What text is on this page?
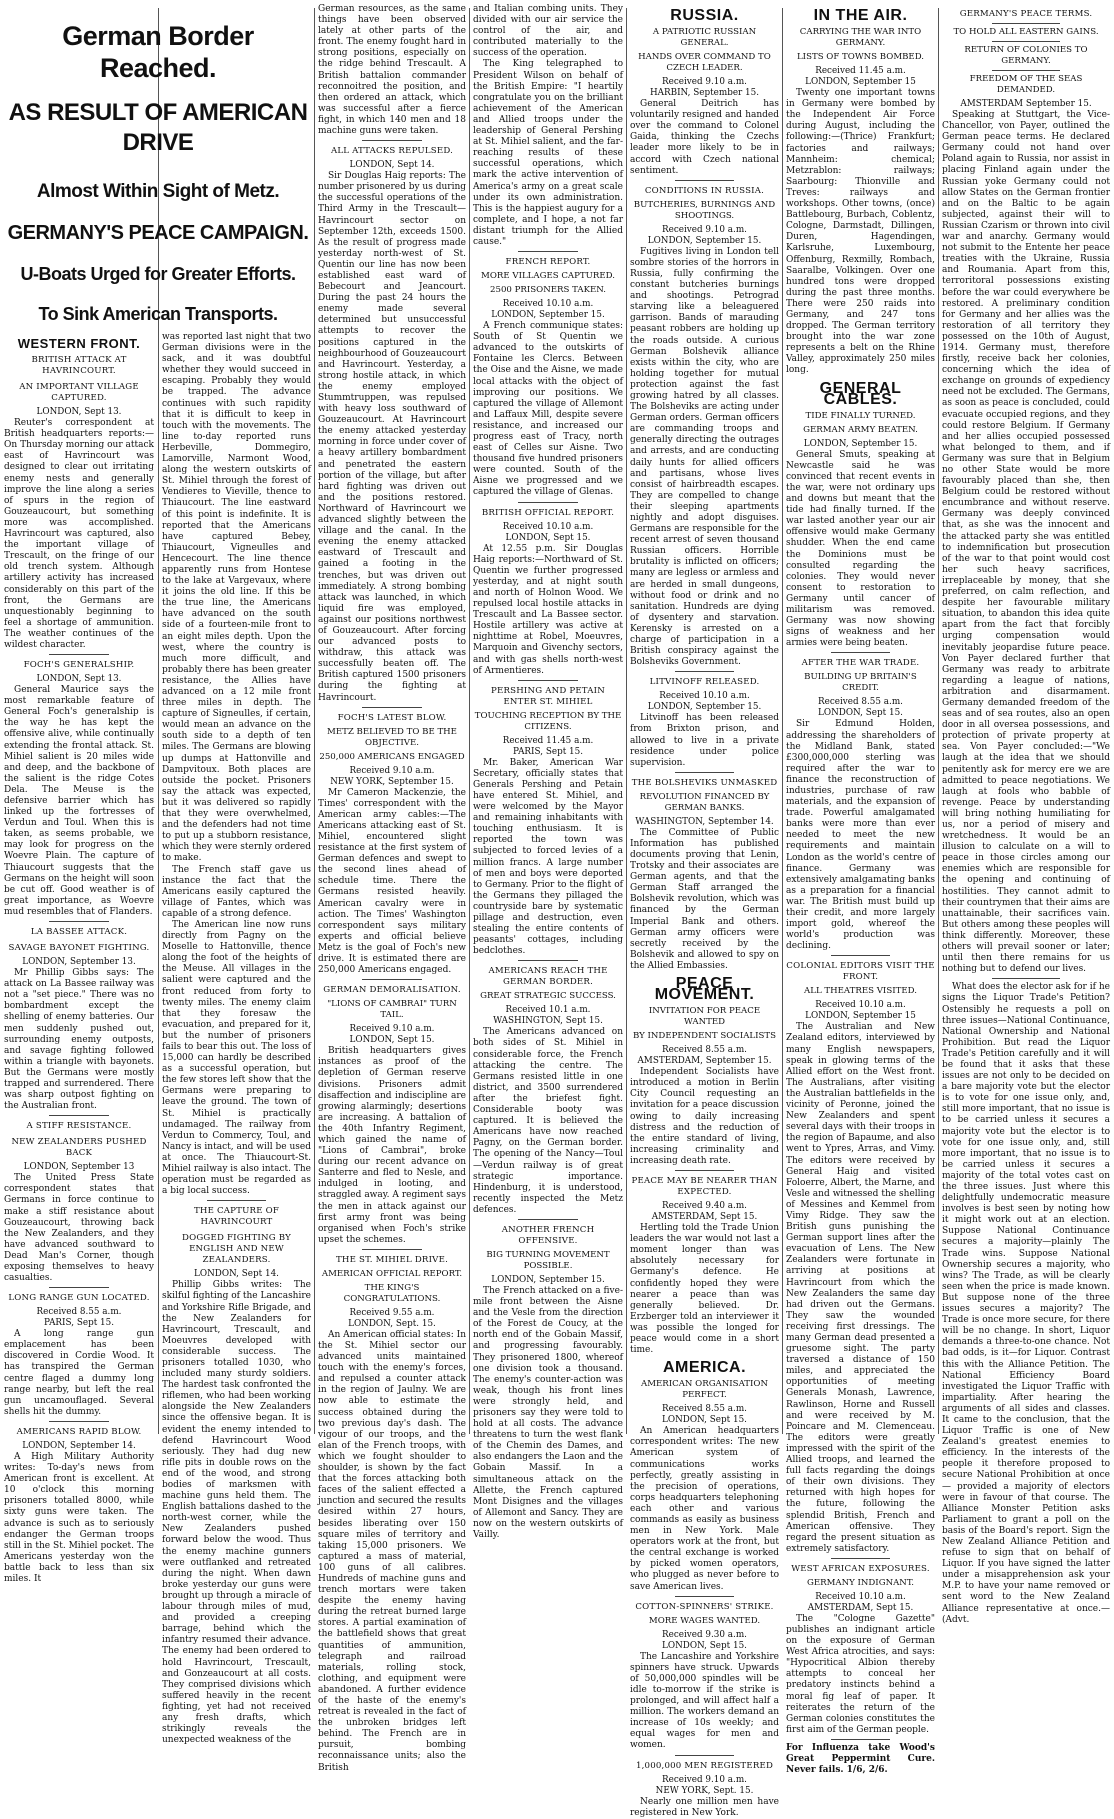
German Border Reached.
AS RESULT OF AMERICAN DRIVE
Almost Within Sight of Metz.
GERMANY'S PEACE CAMPAIGN.
U-Boats Urged for Greater Efforts.
To Sink American Transports.
WESTERN FRONT.
BRITISH ATTACK AT HAVRINCOURT.
AN IMPORTANT VILLAGE CAPTURED.
LONDON, Sept 13.

Reuter's correspondent at British headquarters reports:—On Thursday morning our attack east of Havrincourt was designed to clear out irritating enemy nests and generally improve the line along a series of spurs in the region of Gouzeaucourt, but something more was accomplished. Havrincourt was captured, also the important village of Trescault, on the fringe of our old trench system. Although artillery activity has increased considerably on this part of the front, the Germans are unquestionably beginning to feel a shortage of ammunition. The weather continues of the wildest character.

FOCH'S GENERALSHIP.
LONDON, Sept 13.

General Maurice says the most remarkable feature of General Foch's generalship is the way he has kept the offensive alive, while continually extending the frontal attack. St. Mihiel salient is 20 miles wide and deep, and the backbone of the salient is the ridge Cotes Dela. The Meuse is the defensive barrier which has linked up the fortresses of Verdun and Toul. When this is taken, as seems probable, we may look for progress on the Woevre Plain. The capture of Thiaucourt suggests that the Germans on the height will soon be cut off. Good weather is of great importance, as Woevre mud resembles that of Flanders.

LA BASSEE ATTACK.
SAVAGE BAYONET FIGHTING.
LONDON, September 13.

Mr Phillip Gibbs says: The attack on La Bassee railway was not a "set piece." There was no bombardment except the shelling of enemy batteries. Our men suddenly pushed out, surrounding enemy outposts, and savage fighting followed within a triangle with bayonets. But the Germans were mostly trapped and surrendered. There was sharp outpost fighting on the Australian front.

A STIFF RESISTANCE.
NEW ZEALANDERS PUSHED BACK
LONDON, September 13

The United Press State correspondent states that Germans in force continue to make a stiff resistance about Gouzeaucourt, throwing back the New Zealanders, and they have advanced southward to Dead Man's Corner, though exposing themselves to heavy casualties.

LONG RANGE GUN LOCATED.
Received 8.55 a.m.
PARIS, Sept 15.

A long range gun emplacement has been discovered in Cordie Wood. It has transpired the German centre flaged a dummy long range nearby, but left the real gun uncamouflaged. Several shells hit the dummy.

AMERICANS RAPID BLOW.
LONDON, September 14.

A High Military Authority writes: To-day's news from American front is excellent. At 10 o'clock this morning prisoners totalled 8000, while sixty guns were taken. The advance is such as to seriously endanger the German troops still in the St. Mihiel pocket. The Americans yesterday won the battle back to less than six miles. It

was reported last night that two German divisions were in the sack, and it was doubtful whether they would succeed in escaping. Probably they would be trapped. The advance continues with such rapidity that it is difficult to keep in touch with the movements. The line to-day reported runs Herbeville, Dommegiro, Lamorville, Narmont Wood, along the western outskirts of St. Mihiel through the forest of Vendieres to Vieville, thence to Thiaucourt. The line eastward of this point is indefinite. It is reported that the Americans have captured Bebey, Thiaucourt, Vigneulles and Hencecourt. The line thence apparently runs from Hontese to the lake at Vargevaux, where it joins the old line. If this be the true line, the Americans have advanced on the south side of a fourteen-mile front to an eight miles depth. Upon the west, where the country is much more difficult, and probably there has been greater resistance, the Allies have advanced on a 12 mile front three miles in depth. The capture of Signeulles, if certain, would mean an advance on the south side to a depth of ten miles. The Germans are blowing up dumps at Hattonville and Dampvitoux. Both places are outside the pocket. Prisoners say the attack was expected, but it was delivered so rapidly that they were overwhelmed, and the defenders had not time to put up a stubborn resistance, which they were sternly ordered to make.

The French staff gave us instance the fact that the Americans easily captured the village of Fantes, which was capable of a strong defence.

The American line now runs directly from Pagny on the Moselle to Hattonville, thence along the foot of the heights of the Meuse. All villages in the salient were captured and the front reduced from forty to twenty miles. The enemy claim that they foresaw the evacuation, and prepared for it, but the number of prisoners fails to bear this out. The loss of 15,000 can hardly be described as a successful operation, but the few stores left show that the Germans were preparing to leave the ground. The town of St. Mihiel is practically undamaged. The railway from Verdun to Commercy, Toul, and Nancy is intact, and will be used at once. The Thiaucourt-St. Mihiel railway is also intact. The operation must be regarded as a big local success.

THE CAPTURE OF HAVRINCOURT
DOGGED FIGHTING BY ENGLISH AND NEW ZEALANDERS.
LONDON, Sept 14.

Phillip Gibbs writes: The skilful fighting of the Lancashire and Yorkshire Rifle Brigade, and the New Zealanders for Havrincourt, Trescault, and Moeuvres developed with considerable success. The prisoners totalled 1030, who included many sturdy soldiers. The hardest task confronted the riflemen, who had been working alongside the New Zealanders since the offensive began. It is evident the enemy intended to defend Havrincourt Wood seriously. They had dug new rifle pits in double rows on the end of the wood, and strong bodies of marksmen with machine guns held them. The English battalions dashed to the north-west corner, while the New Zealanders pushed forward below the wood. Thus the enemy machine gunners were outflanked and retreated during the night. When dawn broke yesterday our guns were brought up through a miracle of labour through miles of mud, and provided a creeping barrage, behind which the infantry resumed their advance. The enemy had been ordered to hold Havrincourt, Trescault, and Gonzeaucourt at all costs. They comprised divisions which suffered heavily in the recent fighting, yet had not received any fresh drafts, which strikingly reveals the unexpected weakness of the

German resources, as the same things have been observed lately at other parts of the front. The enemy fought hard in strong positions, especially on the ridge behind Trescault. A British battalion commander reconnoitred the position, and then ordered an attack, which was successful after a fierce fight, in which 140 men and 18 machine guns were taken.

ALL ATTACKS REPULSED.
LONDON, Sept 14.

Sir Douglas Haig reports: The number prisonered by us during the successful operations of the Third Army in the Trescault—Havrincourt sector on September 12th, exceeds 1500. As the result of progress made yesterday north-west of St. Quentin our line has now been established east ward of Bebecourt and Jeancourt. During the past 24 hours the enemy made several determined but unsuccessful attempts to recover the positions captured in the neighbourhood of Gouzeaucourt and Havrincourt. Yesterday, a strong hostile attack, in which the enemy employed Stummtruppen, was repulsed with heavy loss southward of Gouzeaucourt. At Havrincourt the enemy attacked yesterday morning in force under cover of a heavy artillery bombardment and penetrated the eastern portion of the village, but after hard fighting was driven out and the positions restored. Northward of Havrincourt we advanced slightly between the village and the canal. In the evening the enemy attacked eastward of Trescault and gained a footing in the trenches, but was driven out immediately. A strong bombing attack was launched, in which liquid fire was employed, against our positions northwest of Gouzeaucourt. After forcing our advanced posts to withdraw, this attack was successfully beaten off. The British captured 1500 prisoners during the fighting at Havrincourt.

FOCH'S LATEST BLOW.
METZ BELIEVED TO BE THE OBJECTIVE.
250,000 AMERICANS ENGAGED
Received 9.10 a.m.
NEW YORK, September 15.

Mr Cameron Mackenzie, the Times' correspondent with the American army cables:—The Americans attacking east of St. Mihiel, encountered slight resistance at the first system of German defences and swept to the second lines ahead of schedule time. There the Germans resisted heavily. American cavalry were in action. The Times' Washington correspondent says military experts and official believe Metz is the goal of Foch's new drive. It is estimated there are 250,000 Americans engaged.

GERMAN DEMORALISATION.
"LIONS OF CAMBRAI" TURN TAIL.
Received 9.10 a.m.
LONDON, Sept 15.

British headquarters gives instances as proof of the depletion of German reserve divisions. Prisoners admit disaffection and indiscipline are growing alarmingly; desertions are increasing. A battalion of the 40th Infantry Regiment, which gained the name of "Lions of Cambrai", broke during our recent advance on Santerre and fled to Nesle, and indulged in looting, and straggled away. A regiment says the men in attack against our first army front was being organised when Foch's strike upset the schemes.

THE ST. MIHIEL DRIVE.
AMERICAN OFFICIAL REPORT.
THE KING'S CONGRATULATIONS.
Received 9.55 a.m.
LONDON, Sept. 15.

An American official states: In the St. Mihiel sector our advanced units maintained touch with the enemy's forces, and repulsed a counter attack in the region of Jaulny. We are now able to estimate the success obtained during the two previous day's dash. The vigour of our troops, and the elan of the French troops, with which we fought shoulder to shoulder, is shown by the fact that the forces attacking both faces of the salient effected a junction and secured the results desired within 27 hours, besides liberating over 150 square miles of territory and taking 15,000 prisoners. We captured a mass of material, 100 guns of all calibres. Hundreds of machine guns and trench mortars were taken despite the enemy having during the retreat burned large stores. A partial examination of the battlefield shows that great quantities of ammunition, telegraph and railroad materials, rolling stock, clothing, and equipment were abandoned. A further evidence of the haste of the enemy's retreat is revealed in the fact of the unbroken bridges left behind. The French are in pursuit, bombing reconnaissance units; also the British

and Italian combing units. They divided with our air service the control of the air, and contributed materially to the success of the operation.

The King telegraphed to President Wilson on behalf of the British Empire: "I heartily congratulate you on the brilliant achievement of the American and Allied troops under the leadership of General Pershing at St. Mihiel salient, and the far-reaching results of these successful operations, which mark the active intervention of America's army on a great scale under its own administration. This is the happiest augury for a complete, and I hope, a not far distant triumph for the Allied cause."

FRENCH REPORT.
MORE VILLAGES CAPTURED.
2500 PRISONERS TAKEN.
Received 10.10 a.m.
LONDON, September 15.

A French communique states: South of St Quentin we advanced to the outskirts of Fontaine les Clercs. Between the Oise and the Aisne, we made local attacks with the object of improving our positions. We captured the village of Allemont and Laffaux Mill, despite severe resistance, and increased our progress east of Tracy, north east of Celles sur Aisne. Two thousand five hundred prisoners were counted. South of the Aisne we progressed and we captured the village of Glenas.

BRITISH OFFICIAL REPORT.
Received 10.10 a.m.
LONDON, Sept 15.

At 12.55 p.m. Sir Douglas Haig reports:—Northward of St. Quentin we further progressed yesterday, and at night south and north of Holnon Wood. We repulsed local hostile attacks in Trescault and La Bassee sector. Hostile artillery was active at nighttime at Robel, Moeuvres, Marquoin and Givenchy sectors, and with gas shells north-west of Armentieres.

PERSHING AND PETAIN ENTER ST. MIHIEL
TOUCHING RECEPTION BY THE CITIZENS.
Received 11.45 a.m.
PARIS, Sept 15.

Mr. Baker, American War Secretary, officially states that Generals Pershing and Petain have entered St. Mihiel, and were welcomed by the Mayor and remaining inhabitants with touching enthusiasm. It is reported the town was subjected to forced levies of a million francs. A large number of men and boys were deported to Germany. Prior to the flight of the Germans they pillaged the countryside bare by systematic pillage and destruction, even stealing the entire contents of peasants' cottages, including bedclothes.

AMERICANS REACH THE GERMAN BORDER.
GREAT STRATEGIC SUCCESS.
Received 10.1 a.m.
WASHINGTON, Sept 15.

The Americans advanced on both sides of St. Mihiel in considerable force, the French attacking the centre. The Germans resisted little in one district, and 3500 surrendered after the briefest fight. Considerable booty was captured. It is believed the Americans have now reached Pagny, on the German border. The opening of the Nancy—Toul—Verdun railway is of great strategic importance. Hindenburg, it is understood, recently inspected the Metz defences.

ANOTHER FRENCH OFFENSIVE.
BIG TURNING MOVEMENT POSSIBLE.
LONDON, September 15.

The French attacked on a five-mile front between the Aisne and the Vesle from the direction of the Forest de Coucy, at the north end of the Gobain Massif, and progressing favourably. They prisonered 1800, whereof one division took a thousand. The enemy's counter-action was weak, though his front lines were strongly held, and prisoners say they were told to hold at all costs. The advance threatens to turn the west flank of the Chemin des Dames, and also endangers the Laon and the Gobain Massif. In a simultaneous attack on the Allette, the French captured Mont Disignes and the villages of Allemont and Sancy. They are now on the western outskirts of Vailly.

RUSSIA.
A PATRIOTIC RUSSIAN GENERAL.
HANDS OVER COMMAND TO CZECH LEADER.
Received 9.10 a.m.
HARBIN, September 15.

General Deitrich has voluntarily resigned and handed over the command to Colonel Gaida, thinking the Czechs leader more likely to be in accord with Czech national sentiment.

CONDITIONS IN RUSSIA.
BUTCHERIES, BURNINGS AND SHOOTINGS.
Received 9.10 a.m.
LONDON, September 15.

Fugitives living in London tell sombre stories of the horrors in Russia, fully confirming the constant butcheries burnings and shootings. Petrograd starving like a beleaguered garrison. Bands of marauding peasant robbers are holding up the roads outside. A curious German Bolshevik alliance exists within the city, who are holding together for mutual protection against the fast growing hatred by all classes. The Bolsheviks are acting under German orders. German officers are commanding troops and generally directing the outrages and arrests, and are conducting daily hunts for allied officers and partisans, whose lives consist of hairbreadth escapes. They are compelled to change their sleeping apartments nightly and adopt disguises. Germans are responsible for the recent arrest of seven thousand Russian officers. Horrible brutality is inflicted on officers; many are legless or armless and are herded in small dungeons, without food or drink and no sanitation. Hundreds are dying of dysentery and starvation. Kerensky is arrested on a charge of participation in a British conspiracy against the Bolsheviks Government.

LITVINOFF RELEASED.
Received 10.10 a.m.
LONDON, September 15.

Litvinoff has been released from Brixton prison, and allowed to live in a private residence under police supervision.

THE BOLSHEVIKS UNMASKED
REVOLUTION FINANCED BY GERMAN BANKS.
WASHINGTON, September 14.

The Committee of Public Information has published documents proving that Lenin, Trotsky and their associates are German agents, and that the German Staff arranged the Bolshevik revolution, which was financed by the German Imperial Bank and others. German army officers were secretly received by the Bolshevik and allowed to spy on the Allied Embassies.

PEACE MOVEMENT.
INVITATION FOR PEACE WANTED
BY INDEPENDENT SOCIALISTS
Received 8.55 a.m.
AMSTERDAM, September 15.

Independent Socialists have introduced a motion in Berlin City Council requesting an invitation for a peace discussion owing to daily increasing distress and the reduction of the entire standard of living, increasing criminality and increasing death rate.

PEACE MAY BE NEARER THAN EXPECTED.
Received 9.40 a.m.
AMSTERDAM, Sept 15.

Hertling told the Trade Union leaders the war would not last a moment longer than was absolutely necessary for Germany's defence. He confidently hoped they were nearer a peace than was generally believed. Dr. Erzberger told an interviewer it was possible the longed for peace would come in a short time.

AMERICA.
AMERICAN ORGANISATION PERFECT.
Received 8.55 a.m.
LONDON, Sept 15.

An American headquarters correspondent writes: The new American system of communications works perfectly, greatly assisting in the precision of operations, corps headquarters telephoning each other and various commands as easily as business men in New York. Male operators work at the front, but the central exchange is worked by picked women operators, who plugged as never before to save American lives.

COTTON-SPINNERS' STRIKE.
MORE WAGES WANTED.
Received 9.30 a.m.
LONDON, Sept 15.

The Lancashire and Yorkshire spinners have struck. Upwards of 50,000,000 spindles will be idle to-morrow if the strike is prolonged, and will affect half a million. The workers demand an increase of 10s weekly; and equal wages for men and women.

1,000,000 MEN REGISTERED
Received 9.10 a.m.
NEW YORK, Sept. 15.

Nearly one million men have registered in New York.

IN THE AIR.
CARRYING THE WAR INTO GERMANY.
LISTS OF TOWNS BOMBED.
Received 11.45 a.m.
LONDON, September 15

Twenty one important towns in Germany were bombed by the Independent Air Force during August, including the following:—(Thrice) Frankfurt; factories and railways; Mannheim: chemical; Metzrablon: railways; Saarbourg: Thionville and Treves: railways and workshops. Other towns, (once) Battlebourg, Burbach, Coblentz, Cologne, Darmstadt, Dillingen, Duren, Hagendingen, Karlsruhe, Luxembourg, Offenburg, Rexmilly, Rombach, Saaralbe, Volkingen. Over one hundred tons were dropped during the past three months. There were 250 raids into Germany, and 247 tons dropped. The German territory brought into the war zone represents a belt on the Rhine Valley, approximately 250 miles long.

GENERAL CABLES.
TIDE FINALLY TURNED.
GERMAN ARMY BEATEN.
LONDON, September 15.

General Smuts, speaking at Newcastle said he was convinced that recent events in the war, were not ordinary ups and downs but meant that the tide had finally turned. If the war lasted another year our air offensive would make Germany shudder. When the end came the Dominions must be consulted regarding the colonies. They would never consent to restoration to Germany until cancer of militarism was removed. Germany was now showing signs of weakness and her armies were being beaten.

AFTER THE WAR TRADE.
BUILDING UP BRITAIN'S CREDIT.
Received 8.55 a.m.
LONDON, Sept 15.

Sir Edmund Holden, addressing the shareholders of the Midland Bank, stated £300,000,000 sterling was required after the war to finance the reconstruction of industries, purchase of raw materials, and the expansion of trade. Powerful amalgamated banks were more than ever needed to meet the new requirements and maintain London as the world's centre of finance. Germany was extensively amalgamating banks as a preparation for a financial war. The British must build up their credit, and more largely import gold, whereof the world's production was declining.

COLONIAL EDITORS VISIT THE FRONT.
ALL THEATRES VISITED.
Received 10.10 a.m.
LONDON, September 15

The Australian and New Zealand editors, interviewed by many English newspapers, speak in glowing terms of the Allied effort on the West front. The Australians, after visiting the Australian battlefields in the vicinity of Peronne, joined the New Zealanders and spent several days with their troops in the region of Bapaume, and also went to Ypres, Arras, and Vimy. The editors were received by General Haig and visited Foloerre, Albert, the Marne, and Vesle and witnessed the shelling of Messines and Kemmel from Vimy Ridge. They saw the British guns punishing the German support lines after the evacuation of Lens. The New Zealanders were fortunate in arriving at positions at Havrincourt from which the New Zealanders the same day had driven out the Germans. They saw the wounded receiving first dressings. The many German dead presented a gruesome sight. The party traversed a distance of 150 miles, and appreciated the opportunities of meeting Generals Monash, Lawrence, Rawlinson, Horne and Russell and were received by M. Poincare and M. Clemenceau. The editors were greatly impressed with the spirit of the Allied troops, and learned the full facts regarding the doings of their own divisions. They returned with high hopes for the future, following the splendid British, French and American offensive. They regard the present situation as extremely satisfactory.

WEST AFRICAN EXPOSURES.
GERMANY INDIGNANT.
Received 10.10 a.m.
AMSTERDAM, Sept 15.

The "Cologne Gazette" publishes an indignant article on the exposure of German West Africa atrocities, and says: "Hypocritical Albion thereby attempts to conceal her predatory instincts behind a moral fig leaf of paper. It reiterates the return of the German colonies constitutes the first aim of the German people.

For Influenza take Wood's Great Peppermint Cure. Never fails. 1/6, 2/6.

GERMANY'S PEACE TERMS.
TO HOLD ALL EASTERN GAINS.
RETURN OF COLONIES TO GERMANY.
FREEDOM OF THE SEAS DEMANDED.
AMSTERDAM September 15.

Speaking at Stuttgart, the Vice-Chancellor, von Payer, outlined the German peace terms. He declared Germany could not hand over Poland again to Russia, nor assist in placing Finland again under the Russian yoke Germany could not allow States on the German frontier and on the Baltic to be again subjected, against their will to Russian Czarism or thrown into civil war and anarchy. Germany would not submit to the Entente her peace treaties with the Ukraine, Russia and Roumania. Apart from this, terroritoral possessions existing before the war could everywhere be restored. A preliminary condition for Germany and her allies was the restoration of all territory they possessed on the 10th of August, 1914. Germany must, therefore firstly, receive back her colonies, concerning which the idea of exchange on grounds of expediency need not be excluded. The Germans, as soon as peace is concluded, could evacuate occupied regions, and they could restore Belgium. If Germany and her allies occupied possessed what belonged to them, and if Germany was sure that in Belgium no other State would be more favourably placed than she, then Belgium could be restored without encumbrance and without reserve. Germany was deeply convinced that, as she was the innocent and the attacked party she was entitled to indemnification but prosecution of the war to that point would cost her such heavy sacrifices, irreplaceable by money, that she preferred, on calm reflection, and despite her favourable military situation, to abandon this idea quite apart from the fact that forcibly urging compensation would inevitably jeopardise future peace. Von Payer declared further that Germany was ready to arbitrate regarding a league of nations, arbitration and disarmament. Germany demanded freedom of the seas and of sea routes, also an open door in all oversea possessions, and protection of private property at sea. Von Payer concluded:—"We laugh at the idea that we should penitently ask for mercy ere we are admitted to peace negotiations. We laugh at fools who babble of revenge. Peace by understanding will bring nothing humiliating for us, nor a period of misery and wretchedness. It would be an illusion to calculate on a will to peace in those circles among our enemies which are responsible for the opening and continuing of hostilities. They cannot admit to their countrymen that their aims are unattainable, their sacrifices vain. But others among these peoples will think differently. Moreover, these others will prevail sooner or later; until then there remains for us nothing but to defend our lives.

What does the elector ask for if he signs the Liquor Trade's Petition? Ostensibly he requests a poll on three issues—National Continuance, National Ownership and National Prohibition. But read the Liquor Trade's Petition carefully and it will be found that it asks that these issues are not only to be decided on a bare majority vote but the elector is to vote for one issue only, and, still more important, that no issue is to be carried unless it secures a majority vote but the elector is to vote for one issue only, and, still more important, that no issue is to be carried unless it secures a majority of the total votes cast on the three issues. Just where this delightfully undemocratic measure involves is best seen by noting how it might work out at an election. Suppose National Continuance secures a majority—plainly The Trade wins. Suppose National Ownership secures a majority, who wins? The Trade, as will be clearly seen when the price is made known. But suppose none of the three issues secures a majority? The Trade is once more secure, for there will be no change. In short, Liquor demands a three-to-one chance. Not bad odds, is it—for Liquor. Contrast this with the Alliance Petition. The National Efficiency Board investigated the Liquor Traffic with impartiality. After hearing the arguments of all sides and classes. It came to the conclusion, that the Liquor Traffic is one of New Zealand's greatest enemies to efficiency. In the interests of the people it therefore proposed to secure National Prohibition at once — provided a majority of electors were in favour of that course. The Alliance Monster Petition asks Parliament to grant a poll on the basis of the Board's report. Sign the New Zealand Alliance Petition and refuse to sign that on behalf of Liquor. If you have signed the latter under a misapprehension ask your M.P. to have your name removed or sent word to the New Zealand Alliance representative at once.—(Advt.
